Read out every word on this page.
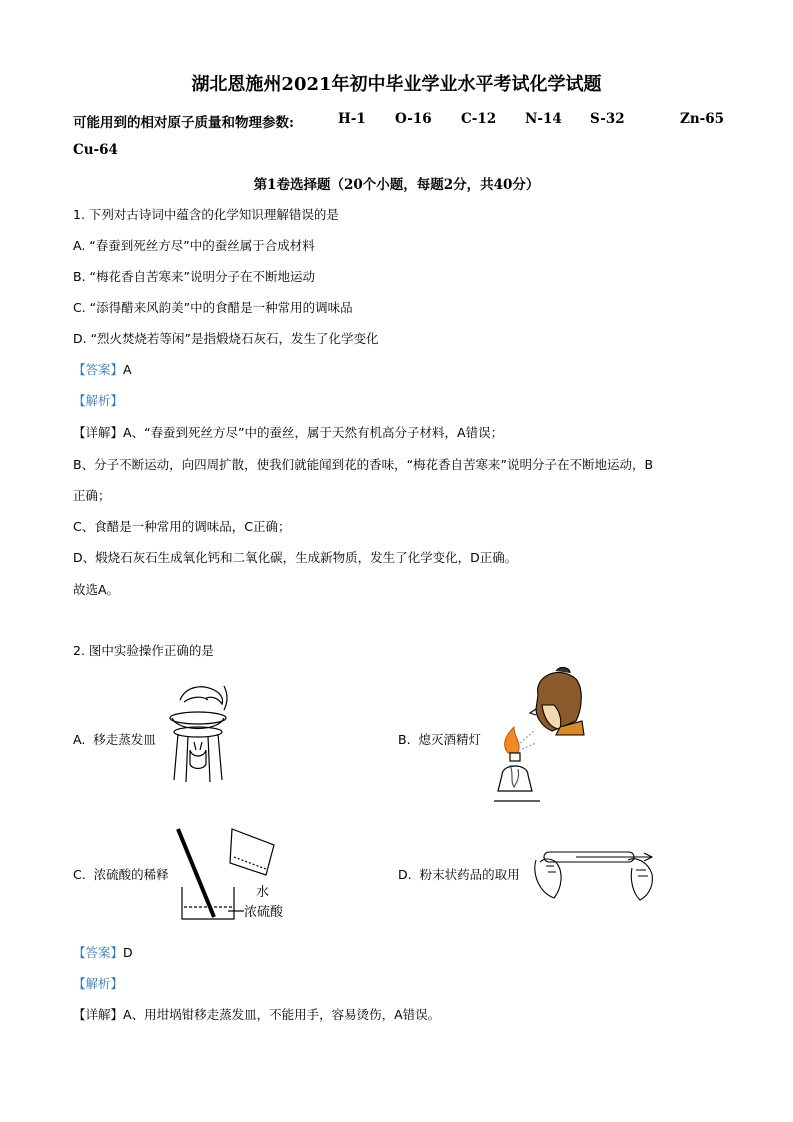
湖北恩施州2021年初中毕业学业水平考试化学试题
可能用到的相对原子质量和物理参数:	H-1 O-16 C-12 N-14 S-32	Zn-65
Cu-64
第1卷选择题（20个小题，每题2分，共40分）
1. 下列对古诗词中蕴含的化学知识理解错误的是
A. “春蚕到死丝方尽”中的蚕丝属于合成材料
B. “梅花香自苦寒来”说明分子在不断地运动
C. “添得醋来风韵美”中的食醋是一种常用的调味品
D. “烈火焚烧若等闲”是指煅烧石灰石，发生了化学变化
【答案】A
【解析】
【详解】A、“春蚕到死丝方尽”中的蚕丝，属于天然有机高分子材料，A错误；
B、分子不断运动，向四周扩散，使我们就能闻到花的香味，“梅花香自苦寒来”说明分子在不断地运动，B
正确；
C、食醋是一种常用的调味品，C正确；
D、煅烧石灰石生成氧化钙和二氧化碳，生成新物质，发生了化学变化，D正确。
故选A。
2. 图中实验操作正确的是
A. 移走蒸发皿	B. 熄灭酒精灯
C. 浓硫酸的稀释	D. 粉末状药品的取用
水
浓硫酸
【答案】D
【解析】
【详解】A、用坩埚钳移走蒸发皿，不能用手，容易烫伤，A错误。
